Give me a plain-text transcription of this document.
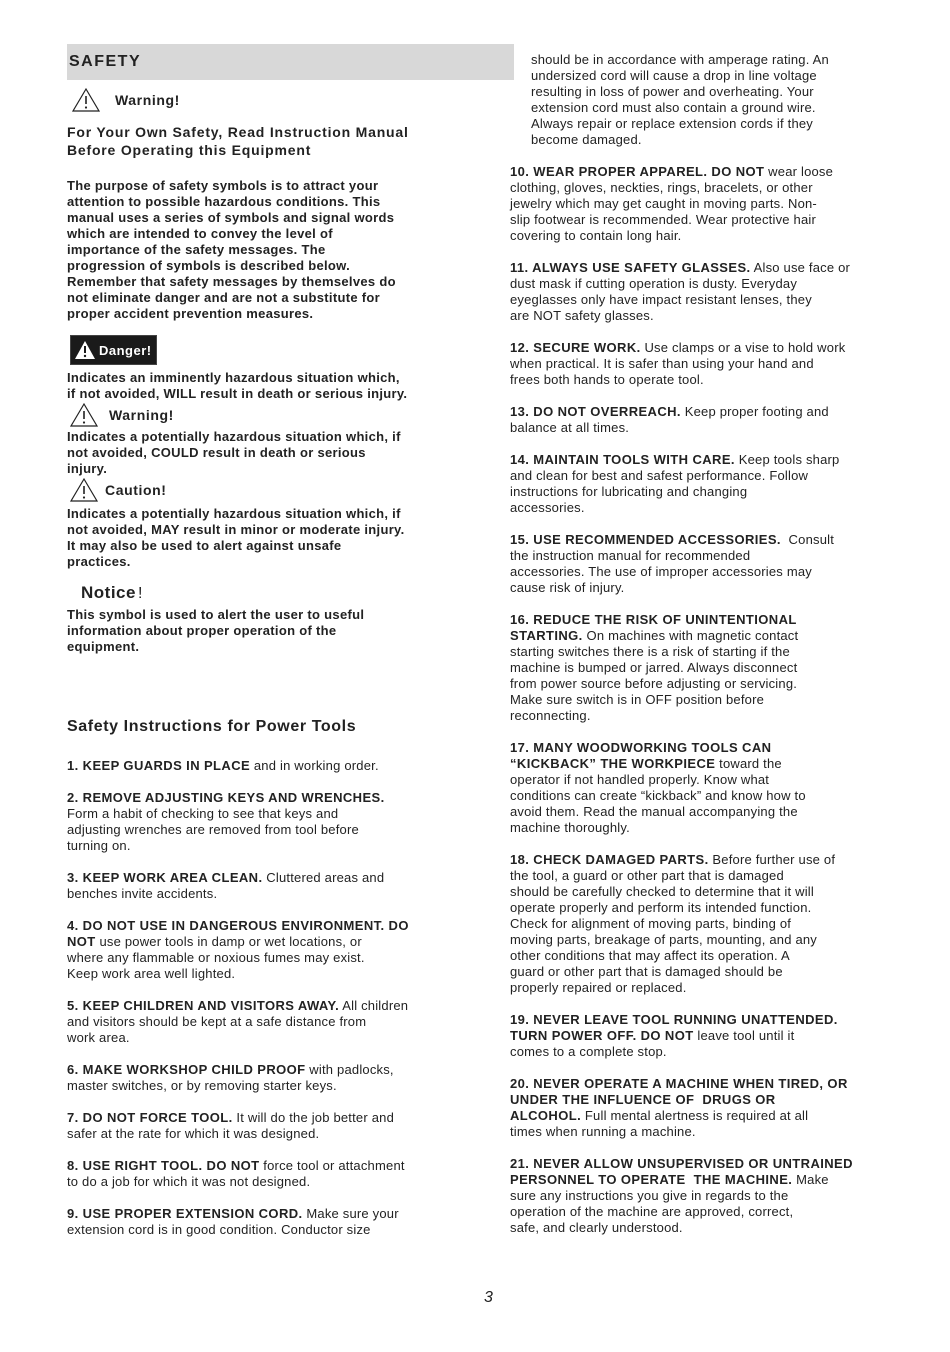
SAFETY
Warning!
For Your Own Safety, Read Instruction Manual
Before Operating this Equipment
The purpose of safety symbols is to attract your
attention to possible hazardous conditions. This
manual uses a series of symbols and signal words
which are intended to convey the level of
importance of the safety messages. The
progression of symbols is described below.
Remember that safety messages by themselves do
not eliminate danger and are not a substitute for
proper accident prevention measures.
Danger!
Indicates an imminently hazardous situation which,
if not avoided, WILL result in death or serious injury.
Warning!
Indicates a potentially hazardous situation which, if
not avoided, COULD result in death or serious
injury.
Caution!
Indicates a potentially hazardous situation which, if
not avoided, MAY result in minor or moderate injury.
It may also be used to alert against unsafe
practices.
Notice !
This symbol is used to alert the user to useful
information about proper operation of the
equipment.
Safety Instructions for Power Tools
1. KEEP GUARDS IN PLACE and in working order.
2. REMOVE ADJUSTING KEYS AND WRENCHES.
Form a habit of checking to see that keys and
adjusting wrenches are removed from tool before
turning on.
3. KEEP WORK AREA CLEAN. Cluttered areas and
benches invite accidents.
4. DO NOT USE IN DANGEROUS ENVIRONMENT. DO
NOT use power tools in damp or wet locations, or
where any flammable or noxious fumes may exist.
Keep work area well lighted.
5. KEEP CHILDREN AND VISITORS AWAY. All children
and visitors should be kept at a safe distance from
work area.
6. MAKE WORKSHOP CHILD PROOF with padlocks,
master switches, or by removing starter keys.
7. DO NOT FORCE TOOL. It will do the job better and
safer at the rate for which it was designed.
8. USE RIGHT TOOL. DO NOT force tool or attachment
to do a job for which it was not designed.
9. USE PROPER EXTENSION CORD. Make sure your
extension cord is in good condition. Conductor size
should be in accordance with amperage rating. An
undersized cord will cause a drop in line voltage
resulting in loss of power and overheating. Your
extension cord must also contain a ground wire.
Always repair or replace extension cords if they
become damaged.
10. WEAR PROPER APPAREL. DO NOT wear loose
clothing, gloves, neckties, rings, bracelets, or other
jewelry which may get caught in moving parts. Non-
slip footwear is recommended. Wear protective hair
covering to contain long hair.
11. ALWAYS USE SAFETY GLASSES. Also use face or
dust mask if cutting operation is dusty. Everyday
eyeglasses only have impact resistant lenses, they
are NOT safety glasses.
12. SECURE WORK. Use clamps or a vise to hold work
when practical. It is safer than using your hand and
frees both hands to operate tool.
13. DO NOT OVERREACH. Keep proper footing and
balance at all times.
14. MAINTAIN TOOLS WITH CARE. Keep tools sharp
and clean for best and safest performance. Follow
instructions for lubricating and changing
accessories.
15. USE RECOMMENDED ACCESSORIES.  Consult
the instruction manual for recommended
accessories. The use of improper accessories may
cause risk of injury.
16. REDUCE THE RISK OF UNINTENTIONAL
STARTING. On machines with magnetic contact
starting switches there is a risk of starting if the
machine is bumped or jarred. Always disconnect
from power source before adjusting or servicing.
Make sure switch is in OFF position before
reconnecting.
17. MANY WOODWORKING TOOLS CAN
“KICKBACK” THE WORKPIECE toward the
operator if not handled properly. Know what
conditions can create “kickback” and know how to
avoid them. Read the manual accompanying the
machine thoroughly.
18. CHECK DAMAGED PARTS. Before further use of
the tool, a guard or other part that is damaged
should be carefully checked to determine that it will
operate properly and perform its intended function.
Check for alignment of moving parts, binding of
moving parts, breakage of parts, mounting, and any
other conditions that may affect its operation. A
guard or other part that is damaged should be
properly repaired or replaced.
19. NEVER LEAVE TOOL RUNNING UNATTENDED.
TURN POWER OFF. DO NOT leave tool until it
comes to a complete stop.
20. NEVER OPERATE A MACHINE WHEN TIRED, OR
UNDER THE INFLUENCE OF  DRUGS OR
ALCOHOL. Full mental alertness is required at all
times when running a machine.
21. NEVER ALLOW UNSUPERVISED OR UNTRAINED
PERSONNEL TO OPERATE  THE MACHINE. Make
sure any instructions you give in regards to the
operation of the machine are approved, correct,
safe, and clearly understood.
3
